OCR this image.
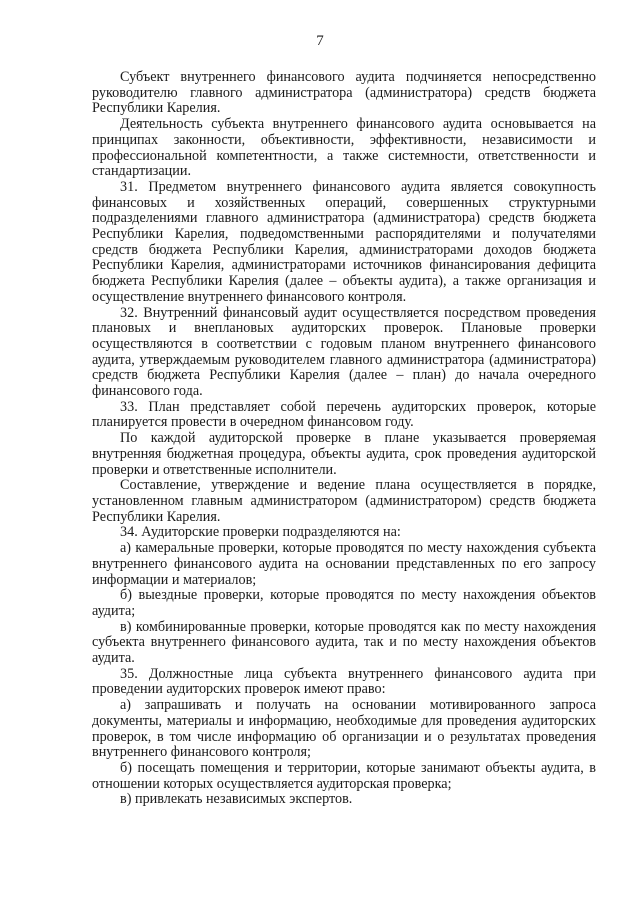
7

Субъект внутреннего финансового аудита подчиняется непосредственно руководителю главного администратора (администратора) средств бюджета Республики Карелия.

Деятельность субъекта внутреннего финансового аудита основывается на принципах законности, объективности, эффективности, независимости и профессиональной компетентности, а также системности, ответственности и стандартизации.

31. Предметом внутреннего финансового аудита является совокупность финансовых и хозяйственных операций, совершенных структурными подразделениями главного администратора (администратора) средств бюджета Республики Карелия, подведомственными распорядителями и получателями средств бюджета Республики Карелия, администраторами доходов бюджета Республики Карелия, администраторами источников финансирования дефицита бюджета Республики Карелия (далее – объекты аудита), а также организация и осуществление внутреннего финансового контроля.

32. Внутренний финансовый аудит осуществляется посредством проведения плановых и внеплановых аудиторских проверок. Плановые проверки осуществляются в соответствии с годовым планом внутреннего финансового аудита, утверждаемым руководителем главного администратора (администратора) средств бюджета Республики Карелия (далее – план) до начала очередного финансового года.

33. План представляет собой перечень аудиторских проверок, которые планируется провести в очередном финансовом году.

По каждой аудиторской проверке в плане указывается проверяемая внутренняя бюджетная процедура, объекты аудита, срок проведения аудиторской проверки и ответственные исполнители.

Составление, утверждение и ведение плана осуществляется в порядке, установленном главным администратором (администратором) средств бюджета Республики Карелия.

34. Аудиторские проверки подразделяются на:

а) камеральные проверки, которые проводятся по месту нахождения субъекта внутреннего финансового аудита на основании представленных по его запросу информации и материалов;

б) выездные проверки, которые проводятся по месту нахождения объектов аудита;

в) комбинированные проверки, которые проводятся как по месту нахождения субъекта внутреннего финансового аудита, так и по месту нахождения объектов аудита.

35. Должностные лица субъекта внутреннего финансового аудита при проведении аудиторских проверок имеют право:

а) запрашивать и получать на основании мотивированного запроса документы, материалы и информацию, необходимые для проведения аудиторских проверок, в том числе информацию об организации и о результатах проведения внутреннего финансового контроля;

б) посещать помещения и территории, которые занимают объекты аудита, в отношении которых осуществляется аудиторская проверка;

в) привлекать независимых экспертов.
